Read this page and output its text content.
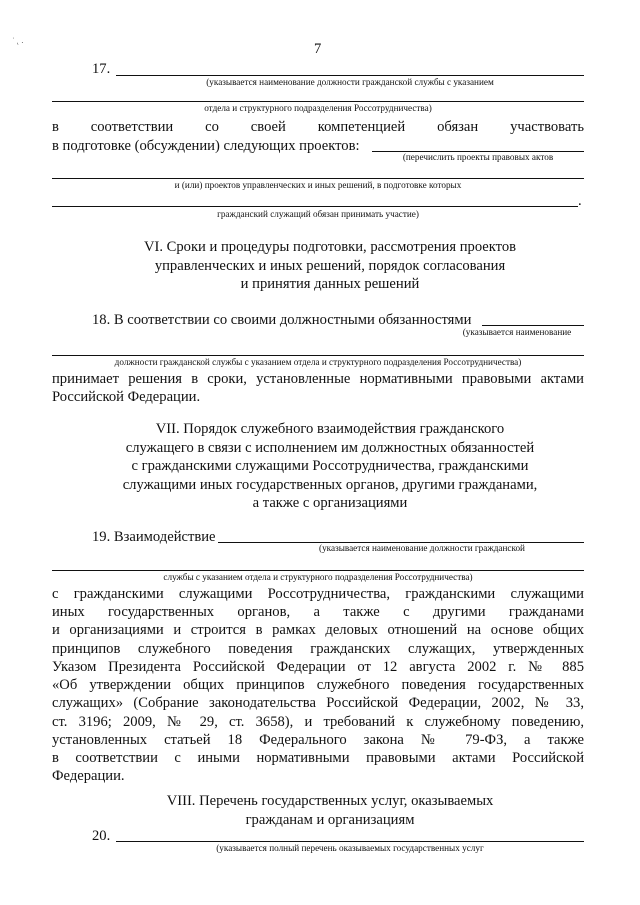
˙ ˛ .
7
17.
(указывается наименование должности гражданской службы с указанием
отдела и структурного подразделения Россотрудничества)
в соответствии со своей компетенцией обязан участвовать
в подготовке (обсуждении) следующих проектов:
(перечислить проекты правовых актов
и (или) проектов управленческих и иных решений, в подготовке которых
.
гражданский служащий обязан принимать участие)
VI. Сроки и процедуры подготовки, рассмотрения проектов
управленческих и иных решений, порядок согласования
и принятия данных решений
18. В соответствии со своими должностными обязанностями
(указывается наименование
должности гражданской службы с указанием отдела и структурного подразделения Россотрудничества)
принимает решения в сроки, установленные нормативными правовыми актами
Российской Федерации.
VII. Порядок служебного взаимодействия гражданского
служащего в связи с исполнением им должностных обязанностей
с гражданскими служащими Россотрудничества, гражданскими
служащими иных государственных органов, другими гражданами,
а также с организациями
19. Взаимодействие
(указывается наименование должности гражданской
службы с указанием отдела и структурного подразделения Россотрудничества)
с гражданскими служащими Россотрудничества, гражданскими служащими
иных государственных органов, а также с другими гражданами
и организациями и строится в рамках деловых отношений на основе общих
принципов служебного поведения гражданских служащих, утвержденных
Указом Президента Российской Федерации от 12 августа 2002 г. № 885
«Об утверждении общих принципов служебного поведения государственных
служащих» (Собрание законодательства Российской Федерации, 2002, № 33,
ст. 3196; 2009, № 29, ст. 3658), и требований к служебному поведению,
установленных статьей 18 Федерального закона № 79-ФЗ, а также
в соответствии с иными нормативными правовыми актами Российской
Федерации.
VIII. Перечень государственных услуг, оказываемых
гражданам и организациям
20.
(указывается полный перечень оказываемых государственных услуг
